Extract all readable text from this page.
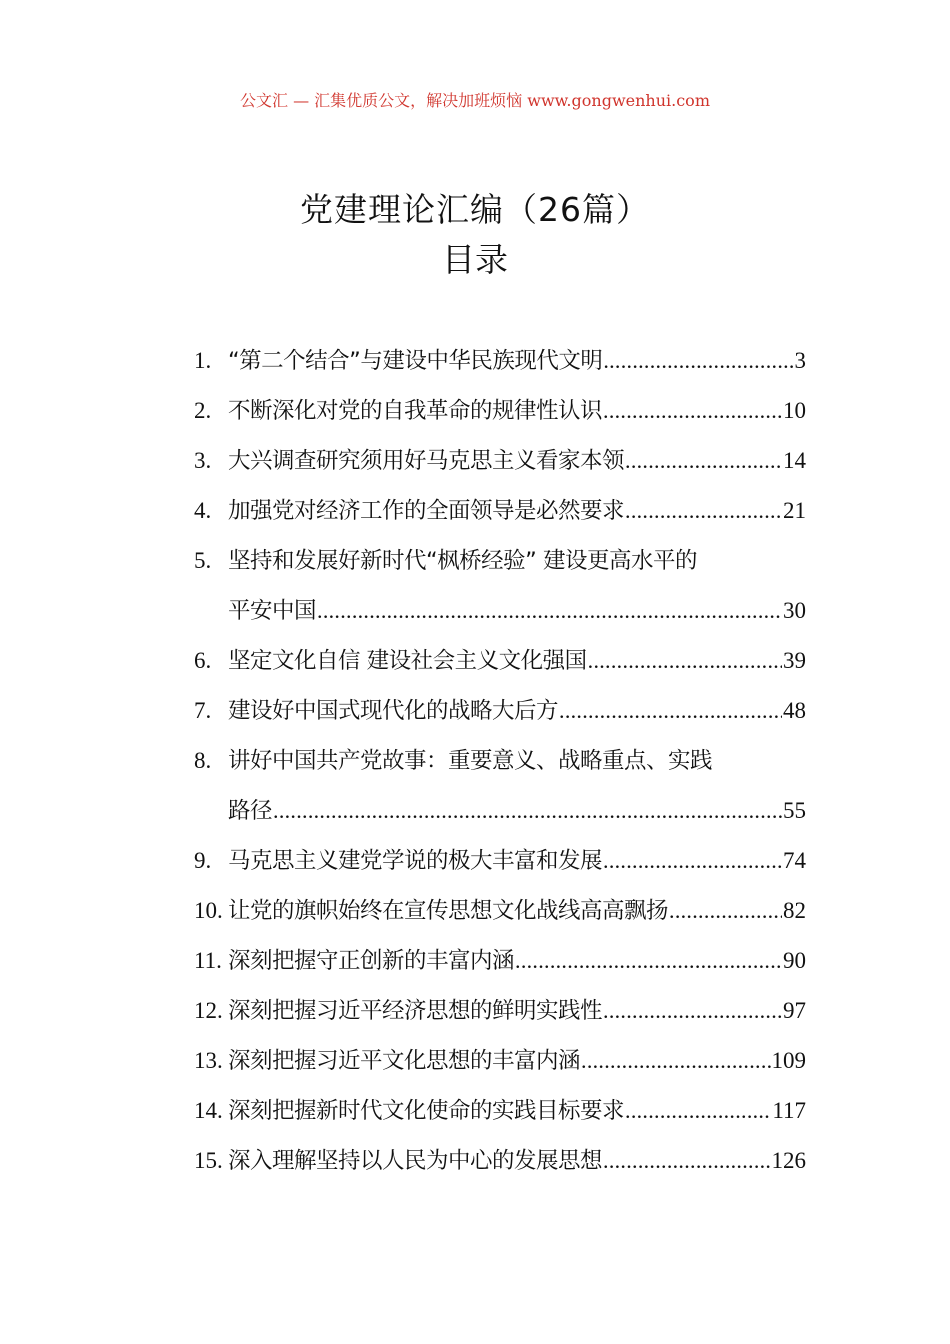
公文汇 — 汇集优质公文，解决加班烦恼 www.gongwenhui.com
党建理论汇编（26篇）
目录
1. “第二个结合”与建设中华民族现代文明 .....	3
2. 不断深化对党的自我革命的规律性认识 .....	10
3. 大兴调查研究须用好马克思主义看家本领 .....	14
4. 加强党对经济工作的全面领导是必然要求 .....	21
5. 坚持和发展好新时代“枫桥经验” 建设更高水平的
平安中国 .....	30
6. 坚定文化自信 建设社会主义文化强国 .....	39
7. 建设好中国式现代化的战略大后方 .....	48
8. 讲好中国共产党故事：重要意义、战略重点、实践
路径 .....	55
9. 马克思主义建党学说的极大丰富和发展 .....	74
10. 让党的旗帜始终在宣传思想文化战线高高飘扬 .....	82
11. 深刻把握守正创新的丰富内涵 .....	90
12. 深刻把握习近平经济思想的鲜明实践性 .....	97
13. 深刻把握习近平文化思想的丰富内涵 .....	109
14. 深刻把握新时代文化使命的实践目标要求 .....	117
15. 深入理解坚持以人民为中心的发展思想 .....	126
